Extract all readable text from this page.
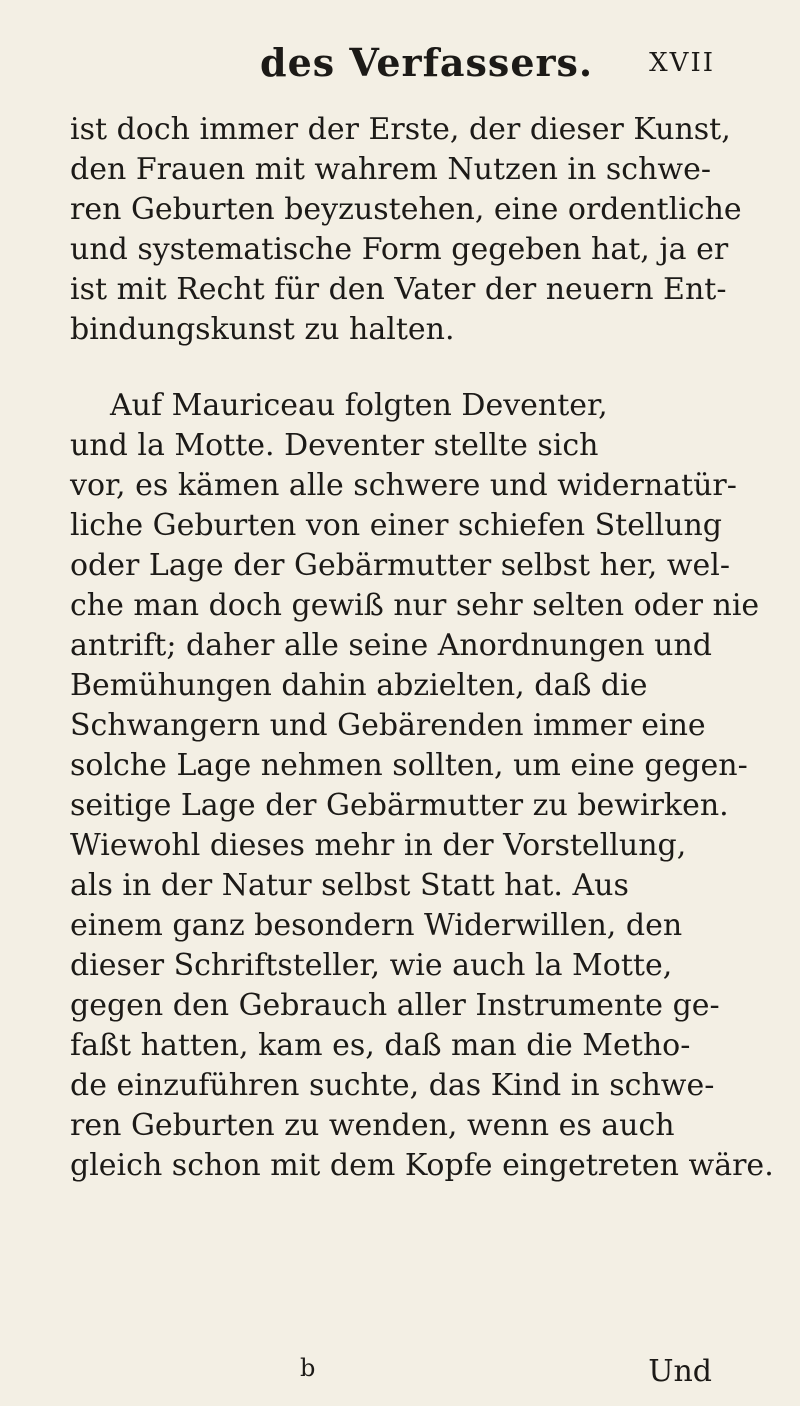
des Verfassers. XVII
ist doch immer der Erste, der dieser Kunst,
den Frauen mit wahrem Nutzen in schwe-
ren Geburten beyzustehen, eine ordentliche
und systematische Form gegeben hat, ja er
ist mit Recht für den Vater der neuern Ent-
bindungskunst zu halten.
Auf Mauriceau folgten Deventer,
und la Motte. Deventer stellte sich
vor, es kämen alle schwere und widernatür-
liche Geburten von einer schiefen Stellung
oder Lage der Gebärmutter selbst her, wel-
che man doch gewiß nur sehr selten oder nie
antrift; daher alle seine Anordnungen und
Bemühungen dahin abzielten, daß die
Schwangern und Gebärenden immer eine
solche Lage nehmen sollten, um eine gegen-
seitige Lage der Gebärmutter zu bewirken.
Wiewohl dieses mehr in der Vorstellung,
als in der Natur selbst Statt hat. Aus
einem ganz besondern Widerwillen, den
dieser Schriftsteller, wie auch la Motte,
gegen den Gebrauch aller Instrumente ge-
faßt hatten, kam es, daß man die Metho-
de einzuführen suchte, das Kind in schwe-
ren Geburten zu wenden, wenn es auch
gleich schon mit dem Kopfe eingetreten wäre.
b	Und
